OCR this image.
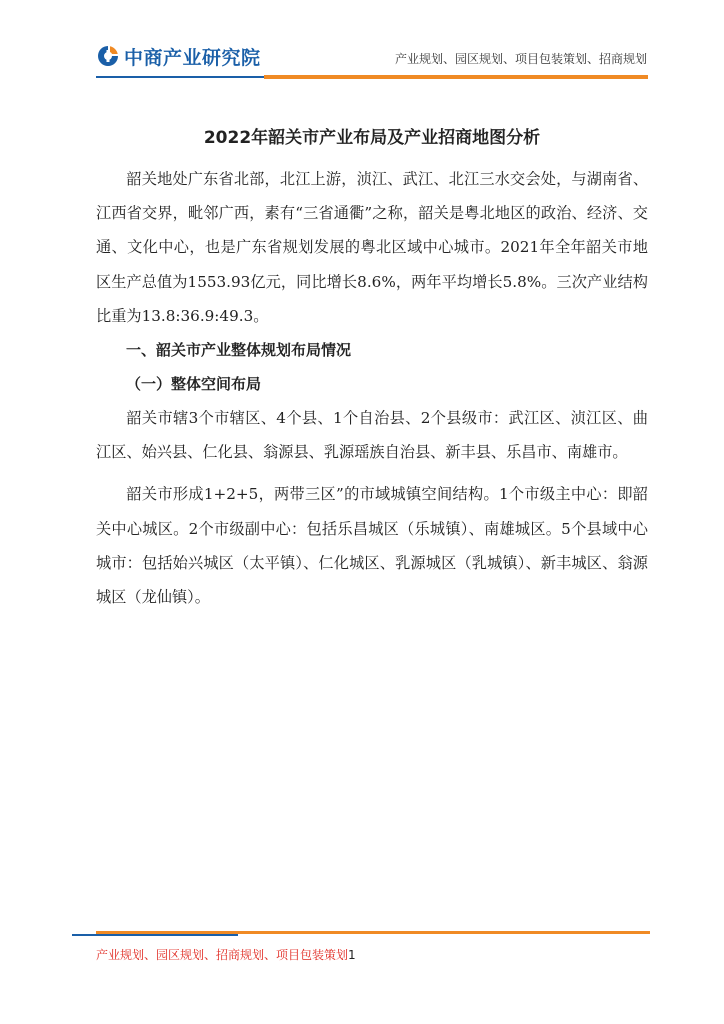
中商产业研究院	产业规划、园区规划、项目包装策划、招商规划
2022年韶关市产业布局及产业招商地图分析

韶关地处广东省北部，北江上游，浈江、武江、北江三水交会处，与湖南省、江西省交界，毗邻广西，素有“三省通衢”之称，韶关是粤北地区的政治、经济、交通、文化中心，也是广东省规划发展的粤北区域中心城市。2021年全年韶关市地区生产总值为1553.93亿元，同比增长8.6%，两年平均增长5.8%。三次产业结构比重为13.8:36.9:49.3。

一、韶关市产业整体规划布局情况
（一）整体空间布局

韶关市辖3个市辖区、4个县、1个自治县、2个县级市：武江区、浈江区、曲江区、始兴县、仁化县、翁源县、乳源瑶族自治县、新丰县、乐昌市、南雄市。

韶关市形成1+2+5，两带三区”的市域城镇空间结构。1个市级主中心：即韶关中心城区。2个市级副中心：包括乐昌城区（乐城镇）、南雄城区。5个县域中心城市：包括始兴城区（太平镇）、仁化城区、乳源城区（乳城镇）、新丰城区、翁源城区（龙仙镇）。

产业规划、园区规划、招商规划、项目包装策划1
